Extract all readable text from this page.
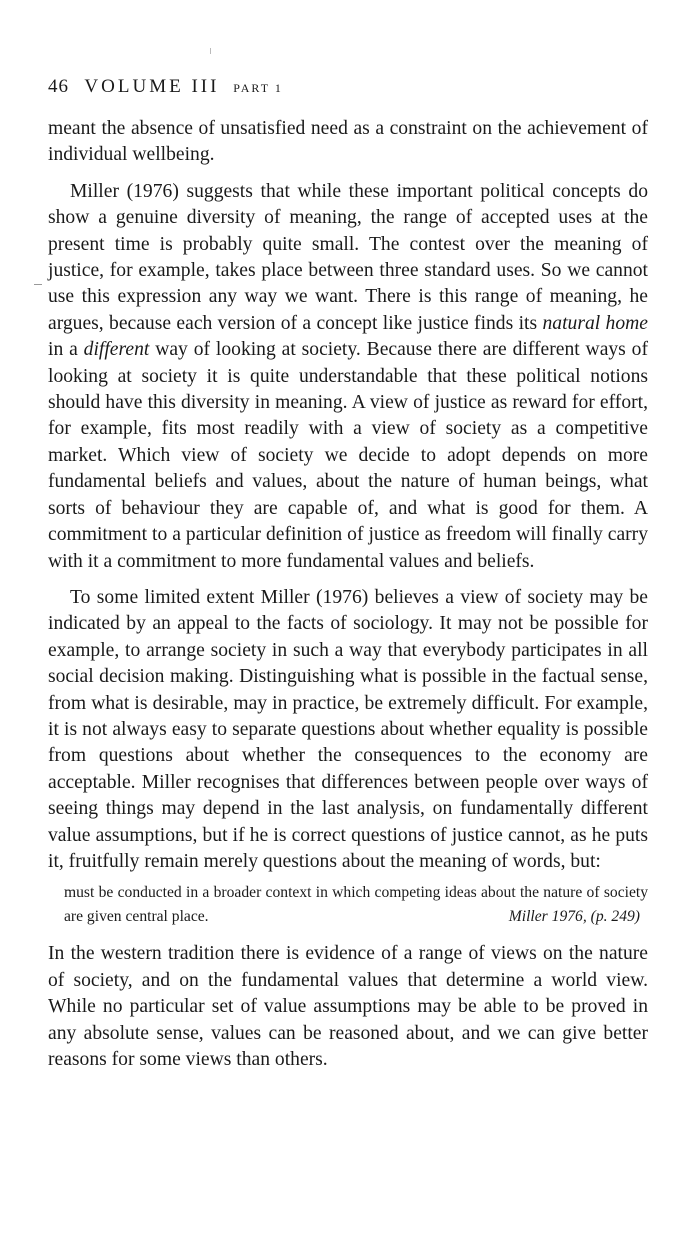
46 VOLUME III PART 1

meant the absence of unsatisfied need as a constraint on the achievement of individual wellbeing.

Miller (1976) suggests that while these important political concepts do show a genuine diversity of meaning, the range of accepted uses at the present time is probably quite small. The contest over the meaning of justice, for example, takes place between three standard uses. So we cannot use this expression any way we want. There is this range of meaning, he argues, because each version of a concept like justice finds its natural home in a different way of looking at society. Because there are different ways of looking at society it is quite understandable that these political notions should have this diversity in meaning. A view of justice as reward for effort, for example, fits most readily with a view of society as a competitive market. Which view of society we decide to adopt depends on more fundamental beliefs and values, about the nature of human beings, what sorts of behaviour they are capable of, and what is good for them. A commitment to a particular definition of justice as freedom will finally carry with it a commitment to more fundamental values and beliefs.

To some limited extent Miller (1976) believes a view of society may be indicated by an appeal to the facts of sociology. It may not be possible for example, to arrange society in such a way that everybody participates in all social decision making. Distinguishing what is possible in the factual sense, from what is desirable, may in practice, be extremely difficult. For example, it is not always easy to separate questions about whether equality is possible from questions about whether the consequences to the economy are acceptable. Miller recognises that differences between people over ways of seeing things may depend in the last analysis, on fundamentally different value assumptions, but if he is correct questions of justice cannot, as he puts it, fruitfully remain merely questions about the meaning of words, but:

must be conducted in a broader context in which competing ideas about the nature of society are given central place.	Miller 1976, (p. 249)

In the western tradition there is evidence of a range of views on the nature of society, and on the fundamental values that determine a world view. While no particular set of value assumptions may be able to be proved in any absolute sense, values can be reasoned about, and we can give better reasons for some views than others.
